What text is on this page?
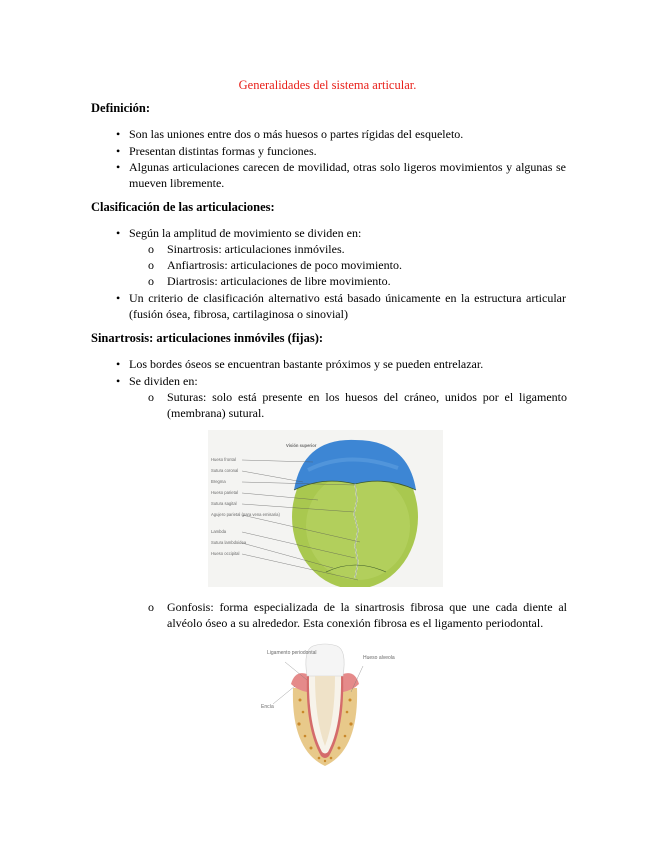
Generalidades del sistema articular.
Definición:
• Son las uniones entre dos o más huesos o partes rígidas del esqueleto.
• Presentan distintas formas y funciones.
• Algunas articulaciones carecen de movilidad, otras solo ligeros movimientos y algunas se mueven libremente.
Clasificación de las articulaciones:
• Según la amplitud de movimiento se dividen en:
o Sinartrosis: articulaciones inmóviles.
o Anfiartrosis: articulaciones de poco movimiento.
o Diartrosis: articulaciones de libre movimiento.
• Un criterio de clasificación alternativo está basado únicamente en la estructura articular (fusión ósea, fibrosa, cartilaginosa o sinovial)
Sinartrosis: articulaciones inmóviles (fijas):
• Los bordes óseos se encuentran bastante próximos y se pueden entrelazar.
• Se dividen en:
o Suturas: solo está presente en los huesos del cráneo, unidos por el ligamento (membrana) sutural.
Visión superior
Hueso frontal
Sutura coronal
Bregma
Hueso parietal
Sutura sagital
Agujero parietal (para vena emisaria)
Lambda
Sutura lambdoidea
Hueso occipital
o Gonfosis: forma especializada de la sinartrosis fibrosa que une cada diente al alvéolo óseo a su alrededor. Esta conexión fibrosa es el ligamento periodontal.
Ligamento periodontal
Hueso alveolar
Encía
